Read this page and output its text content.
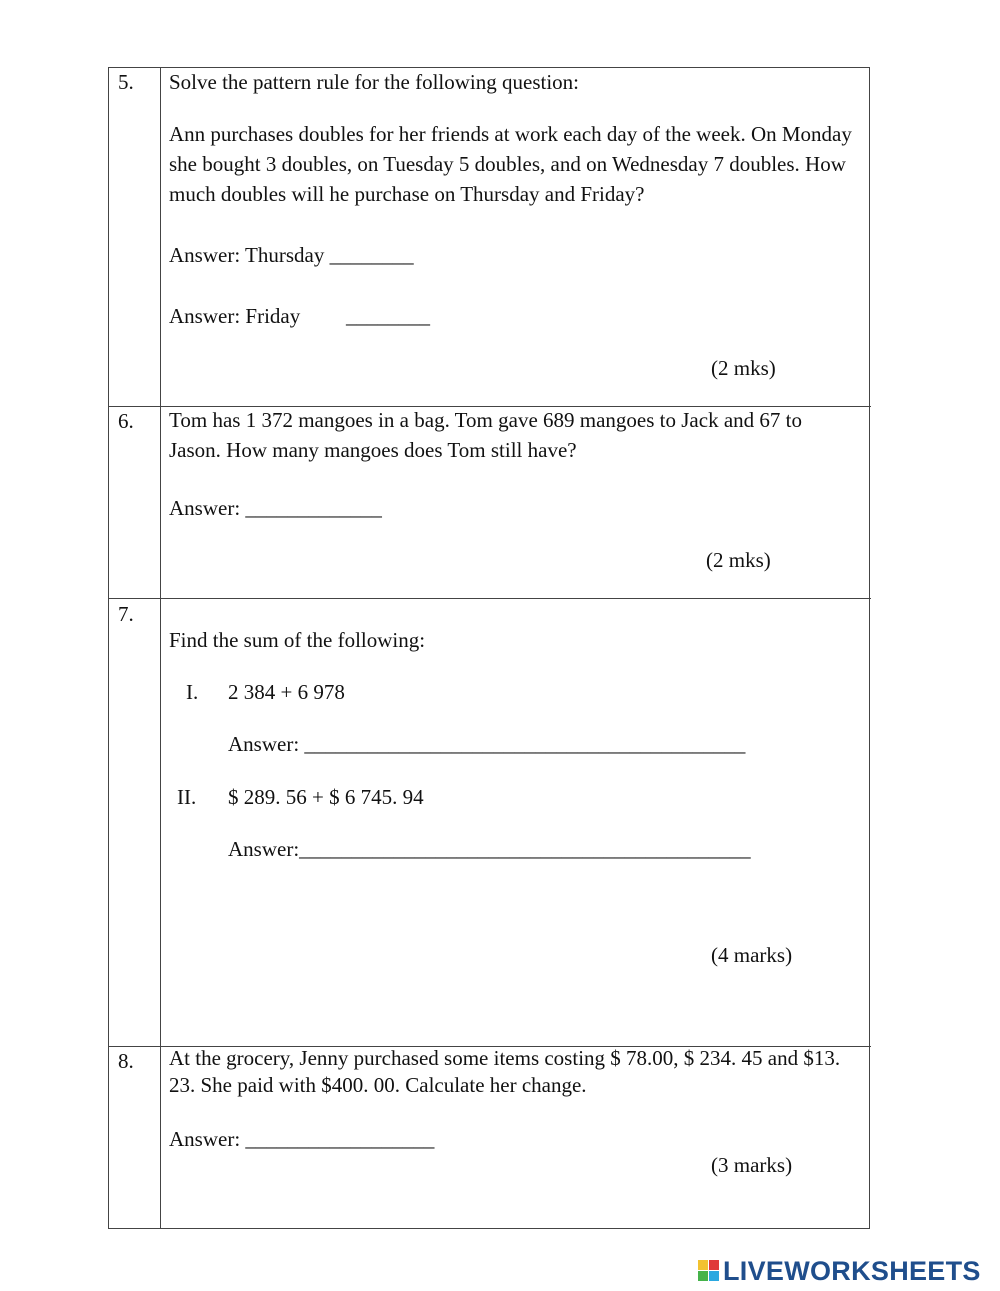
5. Solve the pattern rule for the following question:
Ann purchases doubles for her friends at work each day of the week. On Monday she bought 3 doubles, on Tuesday 5 doubles, and on Wednesday 7 doubles. How much doubles will he purchase on Thursday and Friday?
Answer: Thursday ________
Answer: Friday ________
(2 mks)
6. Tom has 1 372 mangoes in a bag. Tom gave 689 mangoes to Jack and 67 to Jason. How many mangoes does Tom still have?
Answer: _____________
(2 mks)
7.
Find the sum of the following:
I. 2 384 + 6 978
Answer: __________________________________________
II. $ 289. 56 + $ 6 745. 94
Answer:___________________________________________
(4 marks)
8. At the grocery, Jenny purchased some items costing $ 78.00, $ 234. 45 and $13. 23. She paid with $400. 00. Calculate her change.
Answer: __________________
(3 marks)
LIVEWORKSHEETS
